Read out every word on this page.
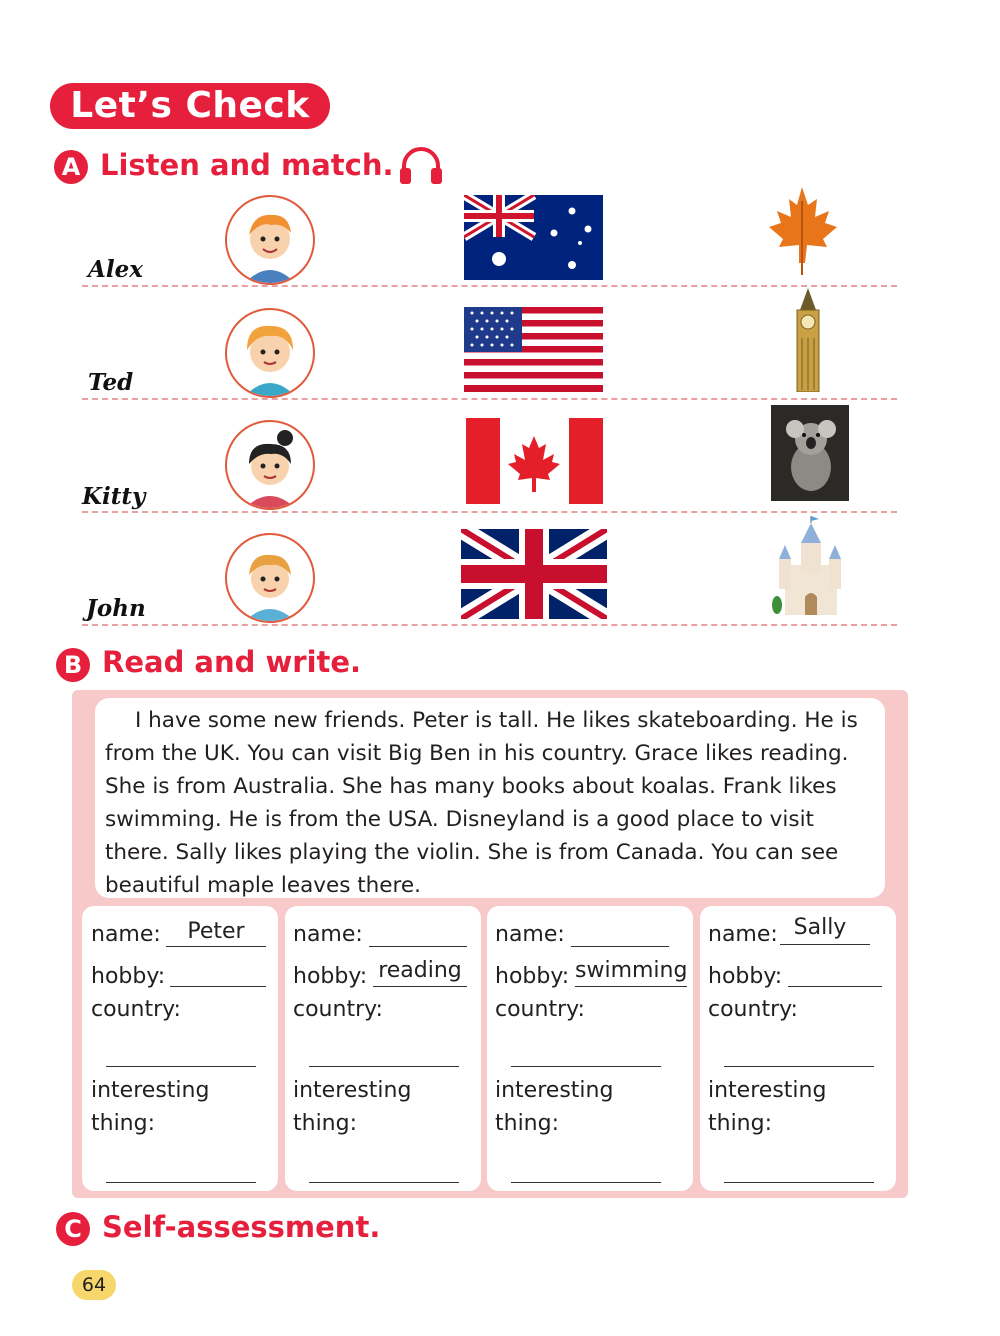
Let’s Check
A Listen and match.
Alex
Ted
Kitty
John
B Read and write.

I have some new friends. Peter is tall. He likes skateboarding. He is from the UK. You can visit Big Ben in his country. Grace likes reading. She is from Australia. She has many books about koalas. Frank likes swimming. He is from the USA. Disneyland is a good place to visit there. Sally likes playing the violin. She is from Canada. You can see beautiful maple leaves there.

name:	Peter
hobby:
country:
interesting
thing:
name:
hobby: reading
country:
interesting
thing:
name:
hobby: swimming
country:
interesting
thing:
name: Sally
hobby:
country:
interesting
thing:
C Self-assessment.
64
